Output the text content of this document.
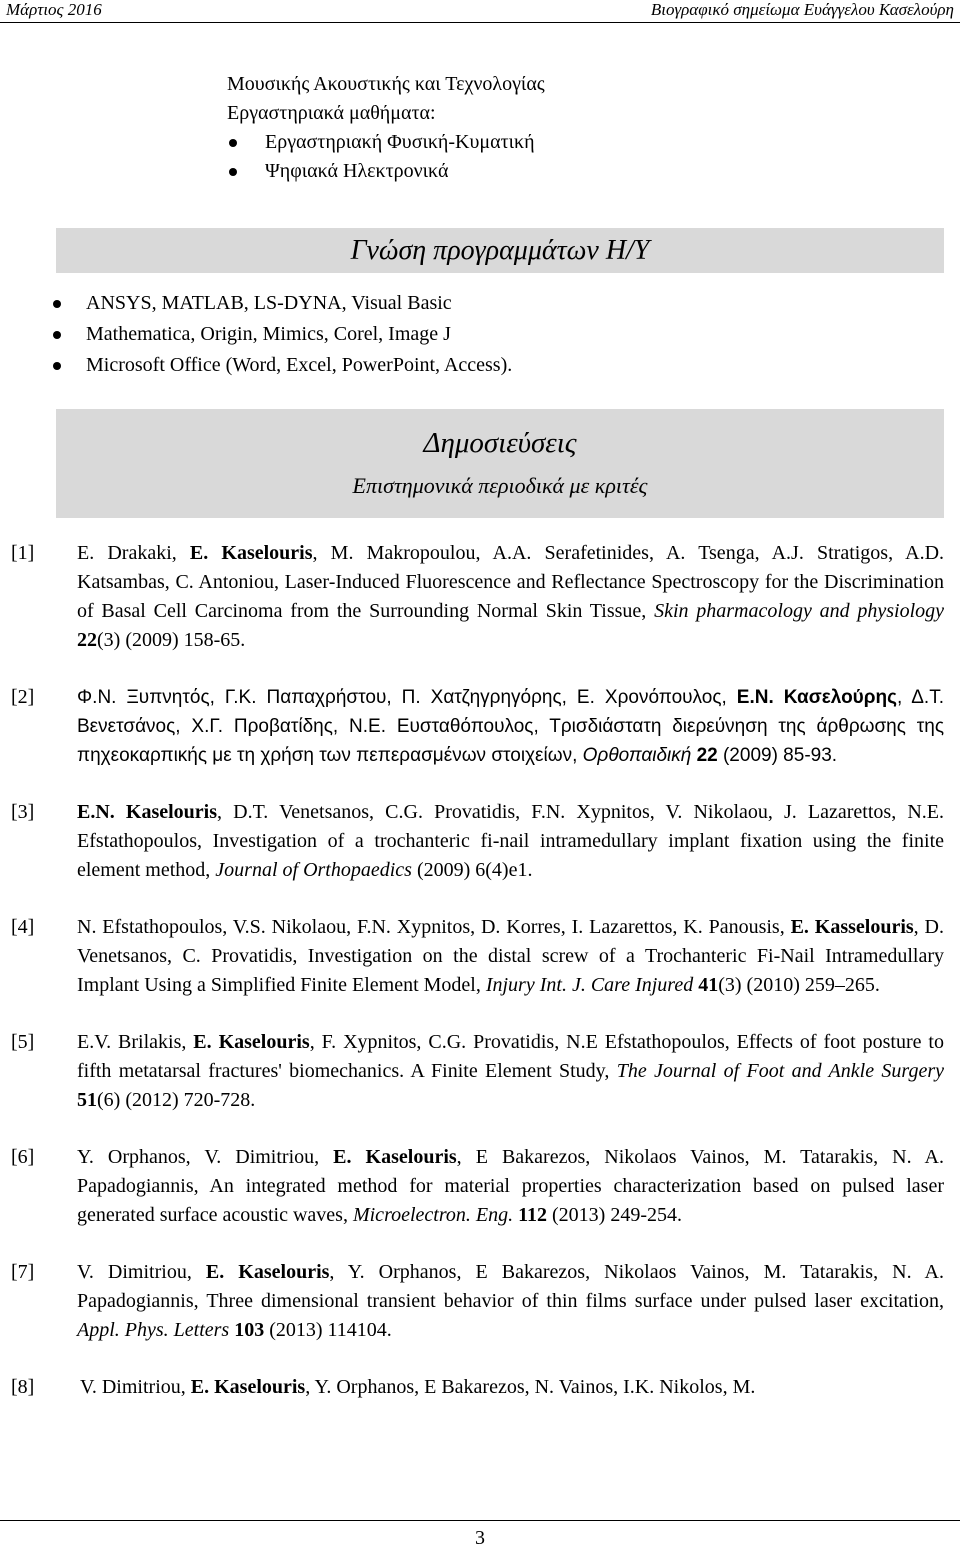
Μάρτιος 2016	Βιογραφικό σημείωμα Ευάγγελου Κασελούρη
Μουσικής Ακουστικής και Τεχνολογίας
Εργαστηριακά μαθήματα:
Εργαστηριακή Φυσική-Κυματική
Ψηφιακά Ηλεκτρονικά
Γνώση προγραμμάτων Η/Υ
ANSYS, MATLAB, LS-DYNA, Visual Basic
Mathematica, Origin, Mimics, Corel, Image J
Microsoft Office (Word, Excel, PowerPoint, Access).
Δημοσιεύσεις
Επιστημονικά περιοδικά με κριτές
[1] E. Drakaki, E. Kaselouris, M. Makropoulou, A.A. Serafetinides, A. Tsenga, A.J. Stratigos, A.D. Katsambas, C. Antoniou, Laser-Induced Fluorescence and Reflectance Spectroscopy for the Discrimination of Basal Cell Carcinoma from the Surrounding Normal Skin Tissue, Skin pharmacology and physiology 22(3) (2009) 158-65.
[2] Φ.Ν. Ξυπνητός, Γ.Κ. Παπαχρήστου, Π. Χατζηγρηγόρης, Ε. Χρονόπουλος, Ε.Ν. Κασελούρης, Δ.Τ. Βενετσάνος, Χ.Γ. Προβατίδης, Ν.Ε. Ευσταθόπουλος, Τρισδιάστατη διερεύνηση της άρθρωσης της πηχεοκαρπικής με τη χρήση των πεπερασμένων στοιχείων, Ορθοπαιδική 22 (2009) 85-93.
[3] E.N. Kaselouris, D.T. Venetsanos, C.G. Provatidis, F.N. Xypnitos, V. Nikolaou, J. Lazarettos, N.E. Efstathopoulos, Investigation of a trochanteric fi-nail intramedullary implant fixation using the finite element method, Journal of Orthopaedics (2009) 6(4)e1.
[4] N. Efstathopoulos, V.S. Nikolaou, F.N. Xypnitos, D. Korres, I. Lazarettos, K. Panousis, E. Kasselouris, D. Venetsanos, C. Provatidis, Investigation on the distal screw of a Trochanteric Fi-Nail Intramedullary Implant Using a Simplified Finite Element Model, Injury Int. J. Care Injured 41(3) (2010) 259–265.
[5] E.V. Brilakis, E. Kaselouris, F. Xypnitos, C.G. Provatidis, N.E Efstathopoulos, Effects of foot posture to fifth metatarsal fractures' biomechanics. A Finite Element Study, The Journal of Foot and Ankle Surgery 51(6) (2012) 720-728.
[6] Y. Orphanos, V. Dimitriou, E. Kaselouris, E Bakarezos, Nikolaos Vainos, M. Tatarakis, N. A. Papadogiannis, An integrated method for material properties characterization based on pulsed laser generated surface acoustic waves, Microelectron. Eng. 112 (2013) 249-254.
[7] V. Dimitriou, E. Kaselouris, Y. Orphanos, E Bakarezos, Nikolaos Vainos, M. Tatarakis, N. A. Papadogiannis, Three dimensional transient behavior of thin films surface under pulsed laser excitation, Appl. Phys. Letters 103 (2013) 114104.
[8] V. Dimitriou, E. Kaselouris, Y. Orphanos, E Bakarezos, N. Vainos, I.K. Nikolos, M.
3
